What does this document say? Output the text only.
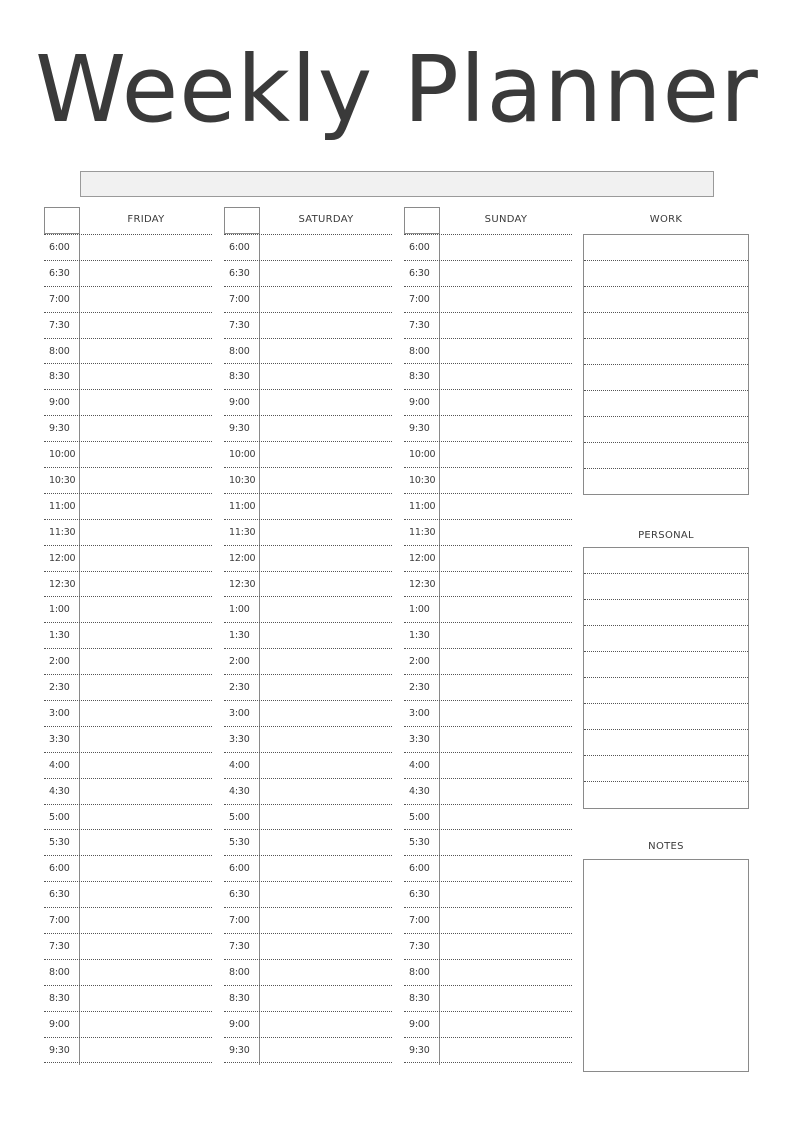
Weekly Planner
FRIDAY
6:00
6:30
7:00
7:30
8:00
8:30
9:00
9:30
10:00
10:30
11:00
11:30
12:00
12:30
1:00
1:30
2:00
2:30
3:00
3:30
4:00
4:30
5:00
5:30
6:00
6:30
7:00
7:30
8:00
8:30
9:00
9:30
SATURDAY
6:00
6:30
7:00
7:30
8:00
8:30
9:00
9:30
10:00
10:30
11:00
11:30
12:00
12:30
1:00
1:30
2:00
2:30
3:00
3:30
4:00
4:30
5:00
5:30
6:00
6:30
7:00
7:30
8:00
8:30
9:00
9:30
SUNDAY
6:00
6:30
7:00
7:30
8:00
8:30
9:00
9:30
10:00
10:30
11:00
11:30
12:00
12:30
1:00
1:30
2:00
2:30
3:00
3:30
4:00
4:30
5:00
5:30
6:00
6:30
7:00
7:30
8:00
8:30
9:00
9:30
WORK
PERSONAL
NOTES
